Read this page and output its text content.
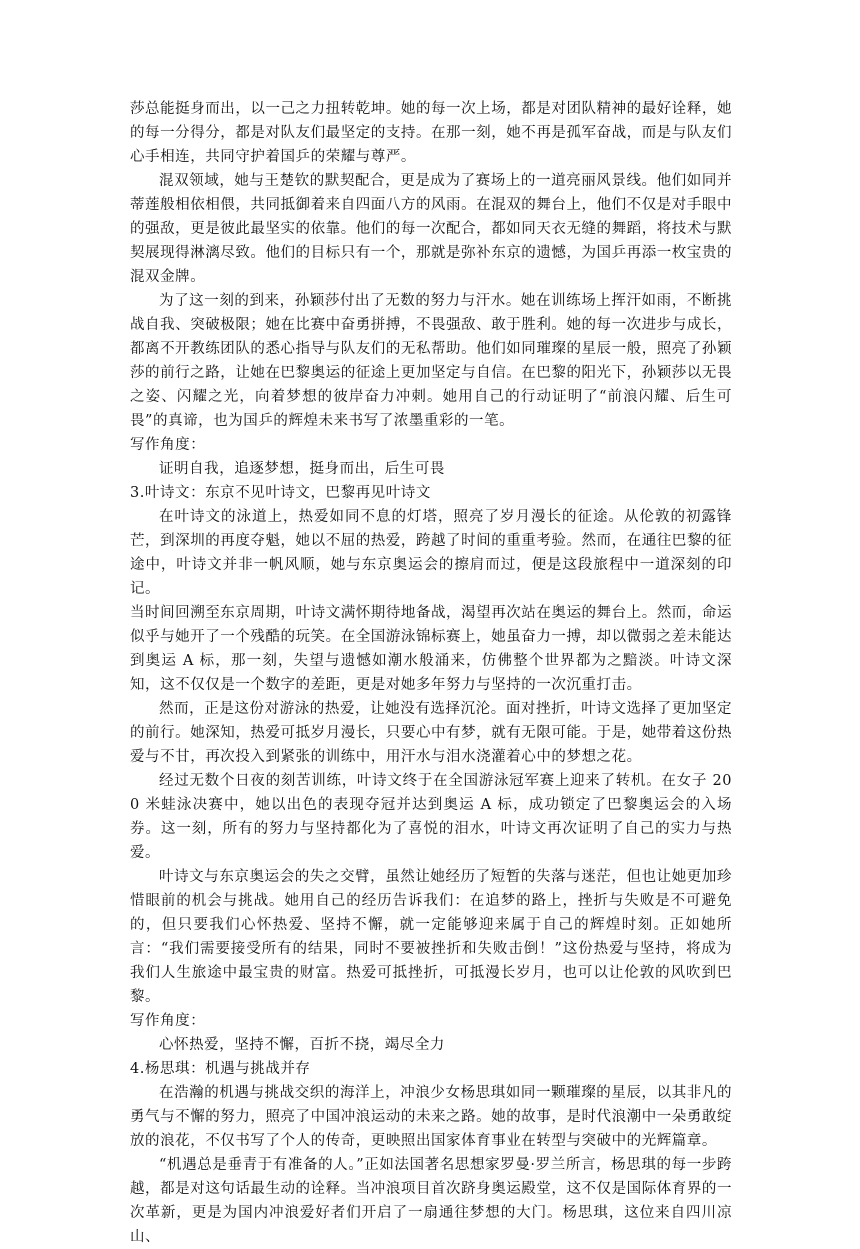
莎总能挺身而出，以一己之力扭转乾坤。她的每一次上场，都是对团队精神的最好诠释，她的每一分得分，都是对队友们最坚定的支持。在那一刻，她不再是孤军奋战，而是与队友们心手相连，共同守护着国乒的荣耀与尊严。

混双领域，她与王楚钦的默契配合，更是成为了赛场上的一道亮丽风景线。他们如同并蒂莲般相依相偎，共同抵御着来自四面八方的风雨。在混双的舞台上，他们不仅是对手眼中的强敌，更是彼此最坚实的依靠。他们的每一次配合，都如同天衣无缝的舞蹈，将技术与默契展现得淋漓尽致。他们的目标只有一个，那就是弥补东京的遗憾，为国乒再添一枚宝贵的混双金牌。

为了这一刻的到来，孙颖莎付出了无数的努力与汗水。她在训练场上挥汗如雨，不断挑战自我、突破极限；她在比赛中奋勇拼搏，不畏强敌、敢于胜利。她的每一次进步与成长，都离不开教练团队的悉心指导与队友们的无私帮助。他们如同璀璨的星辰一般，照亮了孙颖莎的前行之路，让她在巴黎奥运的征途上更加坚定与自信。在巴黎的阳光下，孙颖莎以无畏之姿、闪耀之光，向着梦想的彼岸奋力冲刺。她用自己的行动证明了“前浪闪耀、后生可畏”的真谛，也为国乒的辉煌未来书写了浓墨重彩的一笔。

写作角度：

证明自我，追逐梦想，挺身而出，后生可畏

3.叶诗文：东京不见叶诗文，巴黎再见叶诗文

在叶诗文的泳道上，热爱如同不息的灯塔，照亮了岁月漫长的征途。从伦敦的初露锋芒，到深圳的再度夺魁，她以不屈的热爱，跨越了时间的重重考验。然而，在通往巴黎的征途中，叶诗文并非一帆风顺，她与东京奥运会的擦肩而过，便是这段旅程中一道深刻的印记。

当时间回溯至东京周期，叶诗文满怀期待地备战，渴望再次站在奥运的舞台上。然而，命运似乎与她开了一个残酷的玩笑。在全国游泳锦标赛上，她虽奋力一搏，却以微弱之差未能达到奥运 A 标，那一刻，失望与遗憾如潮水般涌来，仿佛整个世界都为之黯淡。叶诗文深知，这不仅仅是一个数字的差距，更是对她多年努力与坚持的一次沉重打击。

然而，正是这份对游泳的热爱，让她没有选择沉沦。面对挫折，叶诗文选择了更加坚定的前行。她深知，热爱可抵岁月漫长，只要心中有梦，就有无限可能。于是，她带着这份热爱与不甘，再次投入到紧张的训练中，用汗水与泪水浇灌着心中的梦想之花。

经过无数个日夜的刻苦训练，叶诗文终于在全国游泳冠军赛上迎来了转机。在女子 200 米蛙泳决赛中，她以出色的表现夺冠并达到奥运 A 标，成功锁定了巴黎奥运会的入场券。这一刻，所有的努力与坚持都化为了喜悦的泪水，叶诗文再次证明了自己的实力与热爱。

叶诗文与东京奥运会的失之交臂，虽然让她经历了短暂的失落与迷茫，但也让她更加珍惜眼前的机会与挑战。她用自己的经历告诉我们：在追梦的路上，挫折与失败是不可避免的，但只要我们心怀热爱、坚持不懈，就一定能够迎来属于自己的辉煌时刻。正如她所言：“我们需要接受所有的结果，同时不要被挫折和失败击倒！”这份热爱与坚持，将成为我们人生旅途中最宝贵的财富。热爱可抵挫折，可抵漫长岁月，也可以让伦敦的风吹到巴黎。

写作角度：

心怀热爱，坚持不懈，百折不挠，竭尽全力

4.杨思琪：机遇与挑战并存

在浩瀚的机遇与挑战交织的海洋上，冲浪少女杨思琪如同一颗璀璨的星辰，以其非凡的勇气与不懈的努力，照亮了中国冲浪运动的未来之路。她的故事，是时代浪潮中一朵勇敢绽放的浪花，不仅书写了个人的传奇，更映照出国家体育事业在转型与突破中的光辉篇章。

“机遇总是垂青于有准备的人。”正如法国著名思想家罗曼·罗兰所言，杨思琪的每一步跨越，都是对这句话最生动的诠释。当冲浪项目首次跻身奥运殿堂，这不仅是国际体育界的一次革新，更是为国内冲浪爱好者们开启了一扇通往梦想的大门。杨思琪，这位来自四川凉山、
